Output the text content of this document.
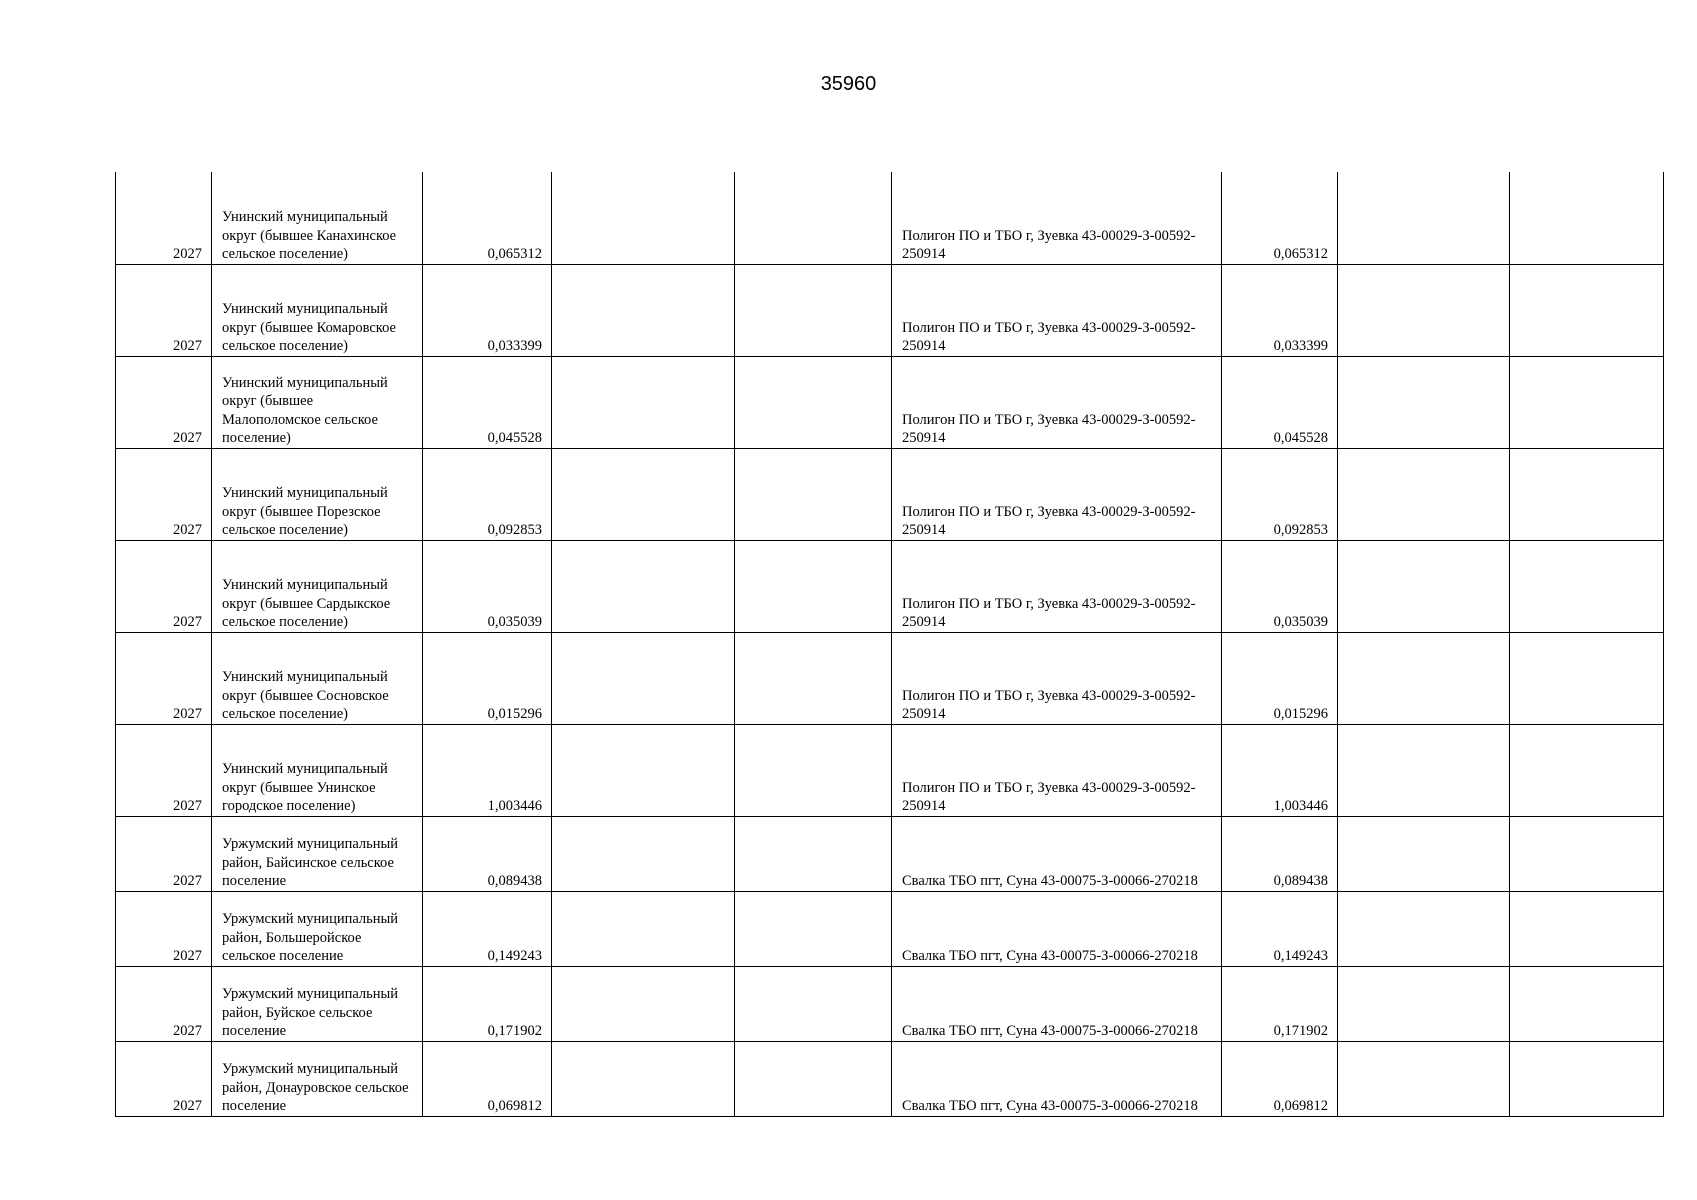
35960
2027	Унинский муниципальный округ (бывшее Канахинское сельское поселение)	0,065312			Полигон ПО и ТБО г, Зуевка 43-00029-З-00592-250914	0,065312		
2027	Унинский муниципальный округ (бывшее Комаровское сельское поселение)	0,033399			Полигон ПО и ТБО г, Зуевка 43-00029-З-00592-250914	0,033399		
2027	Унинский муниципальный округ (бывшее Малополомское сельское поселение)	0,045528			Полигон ПО и ТБО г, Зуевка 43-00029-З-00592-250914	0,045528		
2027	Унинский муниципальный округ (бывшее Порезское сельское поселение)	0,092853			Полигон ПО и ТБО г, Зуевка 43-00029-З-00592-250914	0,092853		
2027	Унинский муниципальный округ (бывшее Сардыкское сельское поселение)	0,035039			Полигон ПО и ТБО г, Зуевка 43-00029-З-00592-250914	0,035039		
2027	Унинский муниципальный округ (бывшее Сосновское сельское поселение)	0,015296			Полигон ПО и ТБО г, Зуевка 43-00029-З-00592-250914	0,015296		
2027	Унинский муниципальный округ (бывшее Унинское городское поселение)	1,003446			Полигон ПО и ТБО г, Зуевка 43-00029-З-00592-250914	1,003446		
2027	Уржумский муниципальный район, Байсинское сельское поселение	0,089438			Свалка ТБО пгт, Суна 43-00075-З-00066-270218	0,089438		
2027	Уржумский муниципальный район, Большеройское сельское поселение	0,149243			Свалка ТБО пгт, Суна 43-00075-З-00066-270218	0,149243		
2027	Уржумский муниципальный район, Буйское сельское поселение	0,171902			Свалка ТБО пгт, Суна 43-00075-З-00066-270218	0,171902		
2027	Уржумский муниципальный район, Донауровское сельское поселение	0,069812			Свалка ТБО пгт, Суна 43-00075-З-00066-270218	0,069812		
